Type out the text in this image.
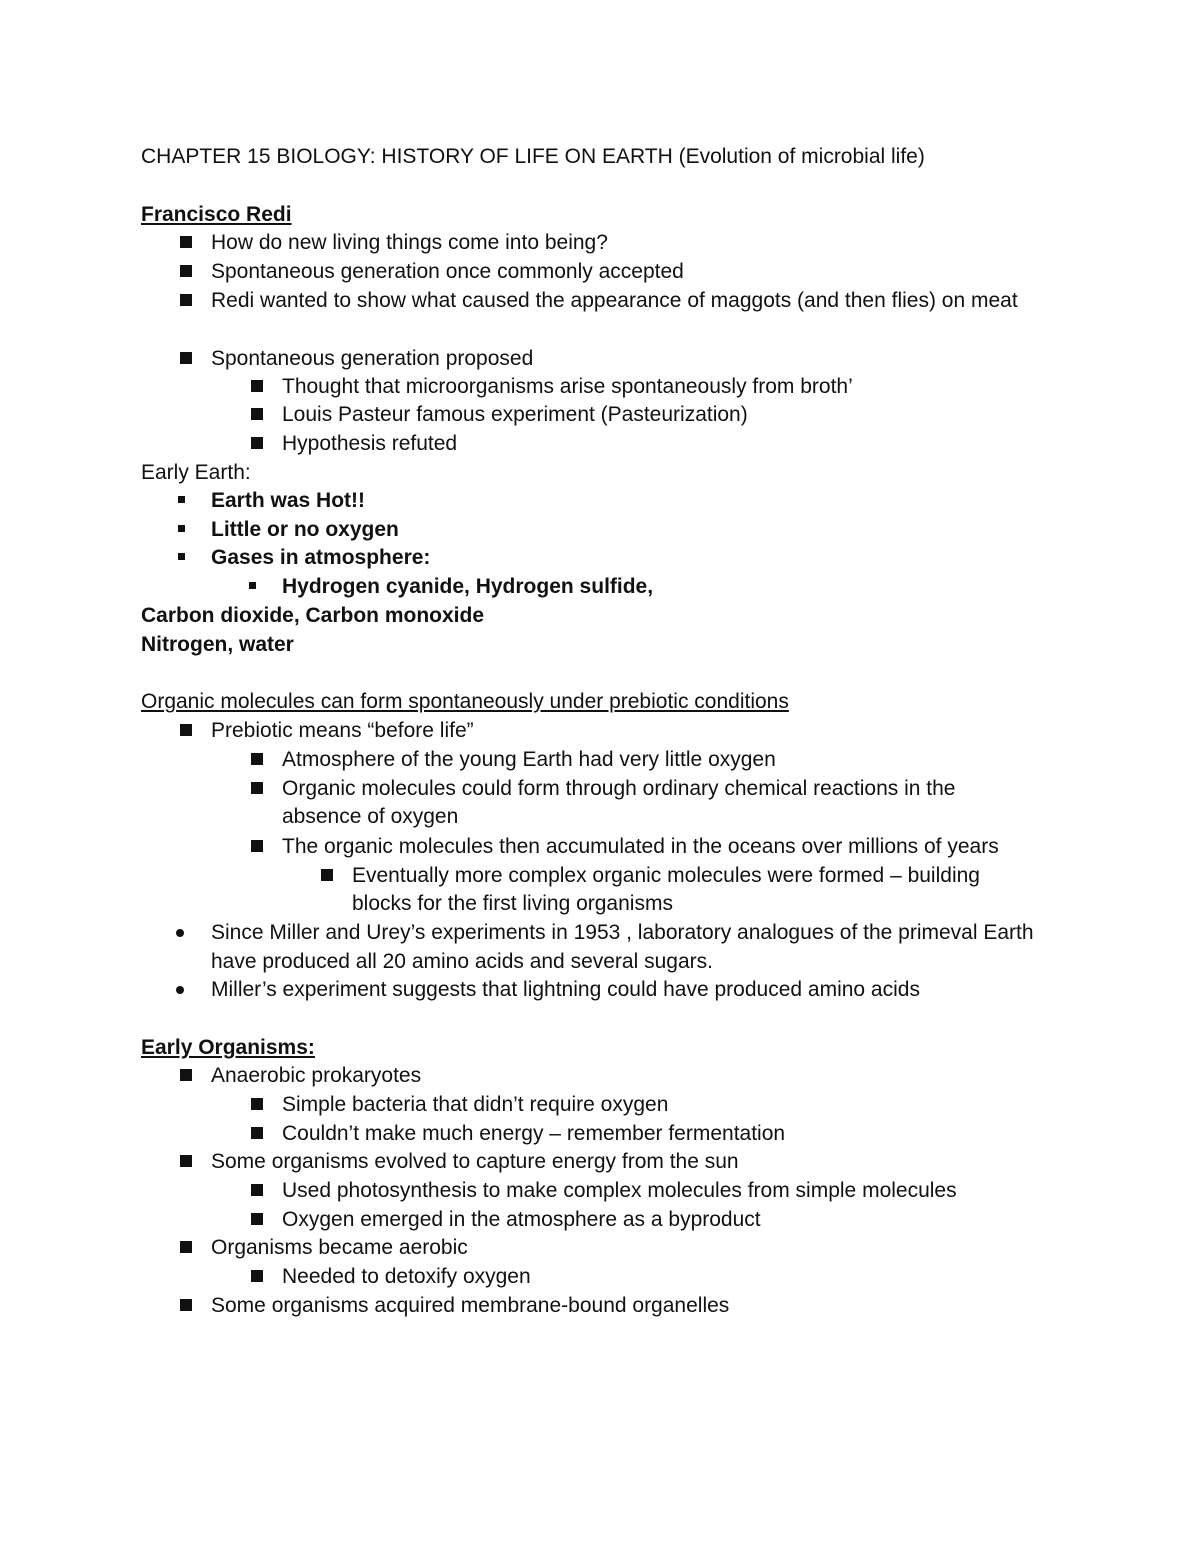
CHAPTER 15 BIOLOGY: HISTORY OF LIFE ON EARTH (Evolution of microbial life)
Francisco Redi
How do new living things come into being?
Spontaneous generation once commonly accepted
Redi wanted to show what caused the appearance of maggots (and then flies) on meat
Spontaneous generation proposed
Thought that microorganisms arise spontaneously from broth’
Louis Pasteur famous experiment (Pasteurization)
Hypothesis refuted
Early Earth:
Earth was Hot!!
Little or no oxygen
Gases in atmosphere:
Hydrogen cyanide, Hydrogen sulfide,
Carbon dioxide, Carbon monoxide
Nitrogen, water
Organic molecules can form spontaneously under prebiotic conditions
Prebiotic means “before life”
Atmosphere of the young Earth had very little oxygen
Organic molecules could form through ordinary chemical reactions in the
absence of oxygen
The organic molecules then accumulated in the oceans over millions of years
Eventually more complex organic molecules were formed – building
blocks for the first living organisms
Since Miller and Urey’s experiments in 1953 , laboratory analogues of the primeval Earth
have produced all 20 amino acids and several sugars.
Miller’s experiment suggests that lightning could have produced amino acids
Early Organisms:
Anaerobic prokaryotes
Simple bacteria that didn’t require oxygen
Couldn’t make much energy – remember fermentation
Some organisms evolved to capture energy from the sun
Used photosynthesis to make complex molecules from simple molecules
Oxygen emerged in the atmosphere as a byproduct
Organisms became aerobic
Needed to detoxify oxygen
Some organisms acquired membrane-bound organelles
